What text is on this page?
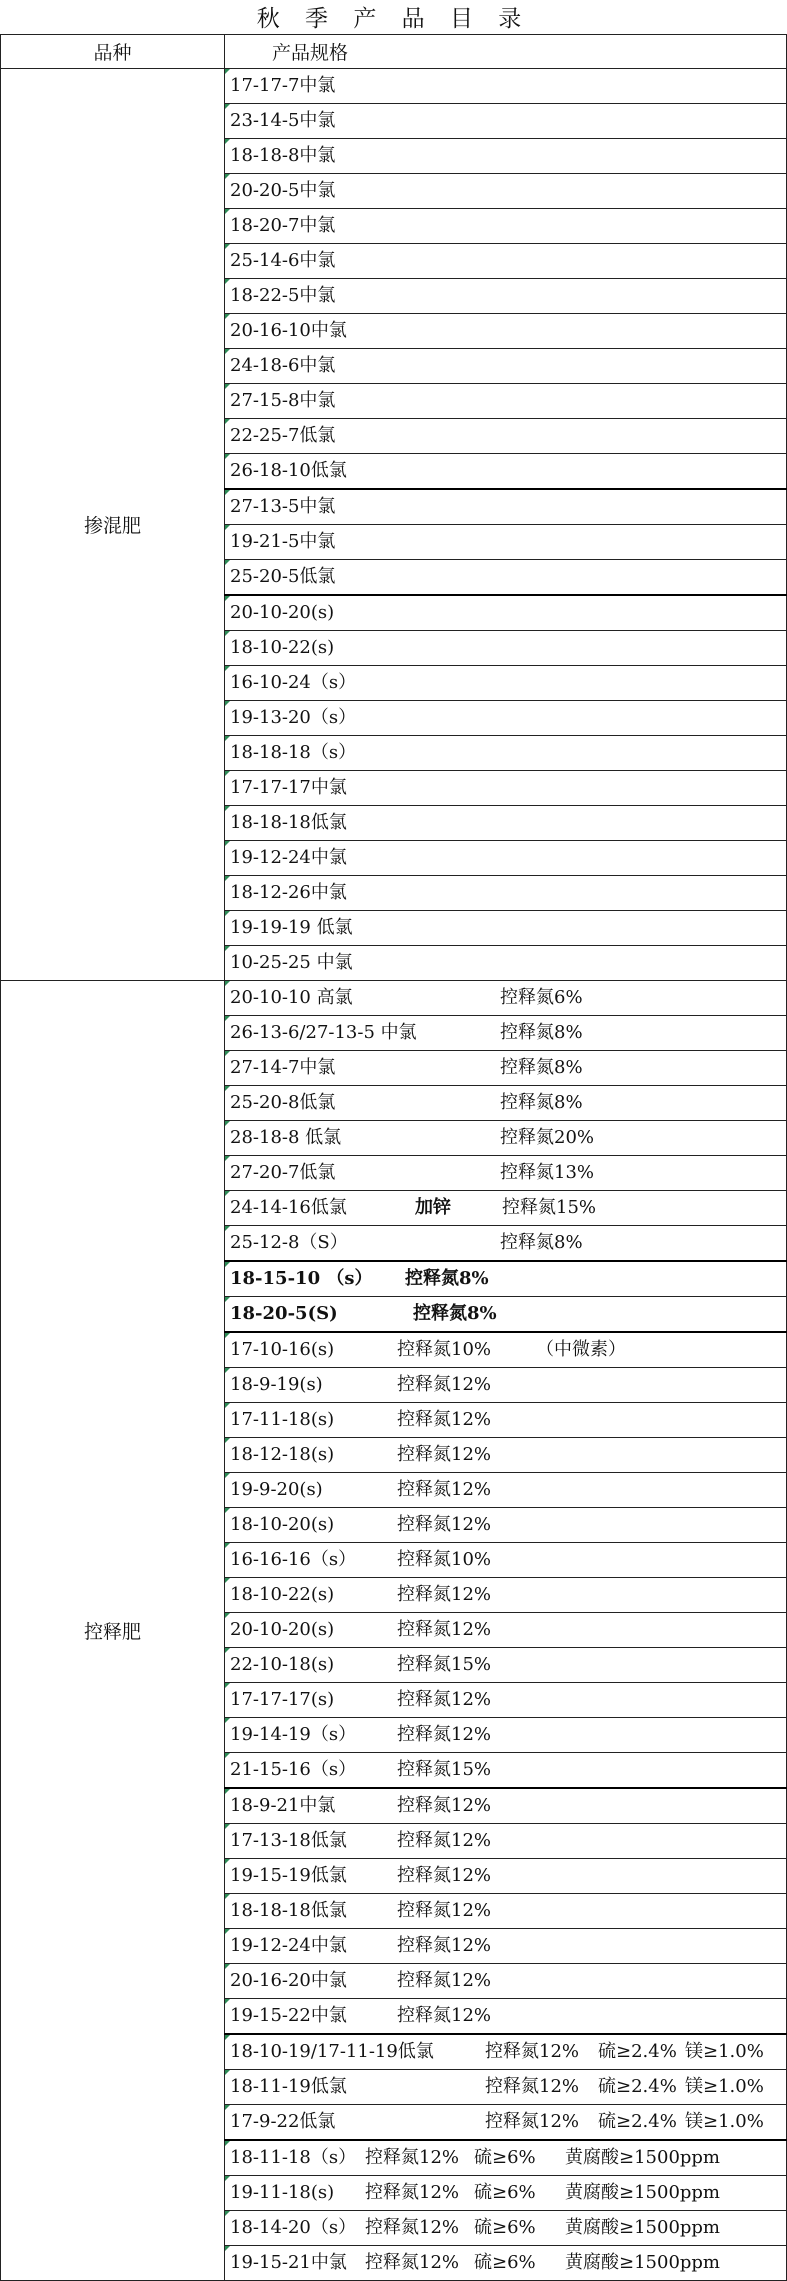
秋 季 产 品 目 录
品种	产品规格
掺混肥	17-17-7中氯

	23-14-5中氯

	18-18-8中氯

	20-20-5中氯

	18-20-7中氯

	25-14-6中氯

	18-22-5中氯

	20-16-10中氯

	24-18-6中氯

	27-15-8中氯

	22-25-7低氯

	26-18-10低氯

	27-13-5中氯

	19-21-5中氯

	25-20-5低氯

	20-10-20(s)

	18-10-22(s)

	16-10-24（s）

	19-13-20（s）

	18-18-18（s）

	17-17-17中氯

	18-18-18低氯

	19-12-24中氯

	18-12-26中氯

	19-19-19 低氯

	10-25-25 中氯

控释肥	20-10-10 高氯 控释氮6%

	26-13-6/27-13-5 中氯 控释氮8%

	27-14-7中氯 控释氮8%

	25-20-8低氯 控释氮8%

	28-18-8 低氯 控释氮20%

	27-20-7低氯 控释氮13%

	24-14-16低氯 加锌 控释氮15%

	25-12-8（S） 控释氮8%

	18-15-10 （s） 控释氮8%

	18-20-5(S) 控释氮8%

	17-10-16(s) 控释氮10% （中微素）

	18-9-19(s) 控释氮12%

	17-11-18(s) 控释氮12%

	18-12-18(s) 控释氮12%

	19-9-20(s) 控释氮12%

	18-10-20(s) 控释氮12%

	16-16-16（s） 控释氮10%

	18-10-22(s) 控释氮12%

	20-10-20(s) 控释氮12%

	22-10-18(s) 控释氮15%

	17-17-17(s) 控释氮12%

	19-14-19（s） 控释氮12%

	21-15-16（s） 控释氮15%

	18-9-21中氯 控释氮12%

	17-13-18低氯 控释氮12%

	19-15-19低氯 控释氮12%

	18-18-18低氯 控释氮12%

	19-12-24中氯 控释氮12%

	20-16-20中氯 控释氮12%

	19-15-22中氯 控释氮12%

	18-10-19/17-11-19低氯 控释氮12% 硫≥2.4% 镁≥1.0%

	18-11-19低氯 控释氮12% 硫≥2.4% 镁≥1.0%

	17-9-22低氯 控释氮12% 硫≥2.4% 镁≥1.0%

	18-11-18（s） 控释氮12% 硫≥6% 黄腐酸≥1500ppm

	19-11-18(s) 控释氮12% 硫≥6% 黄腐酸≥1500ppm

	18-14-20（s） 控释氮12% 硫≥6% 黄腐酸≥1500ppm

	19-15-21中氯 控释氮12% 硫≥6% 黄腐酸≥1500ppm
